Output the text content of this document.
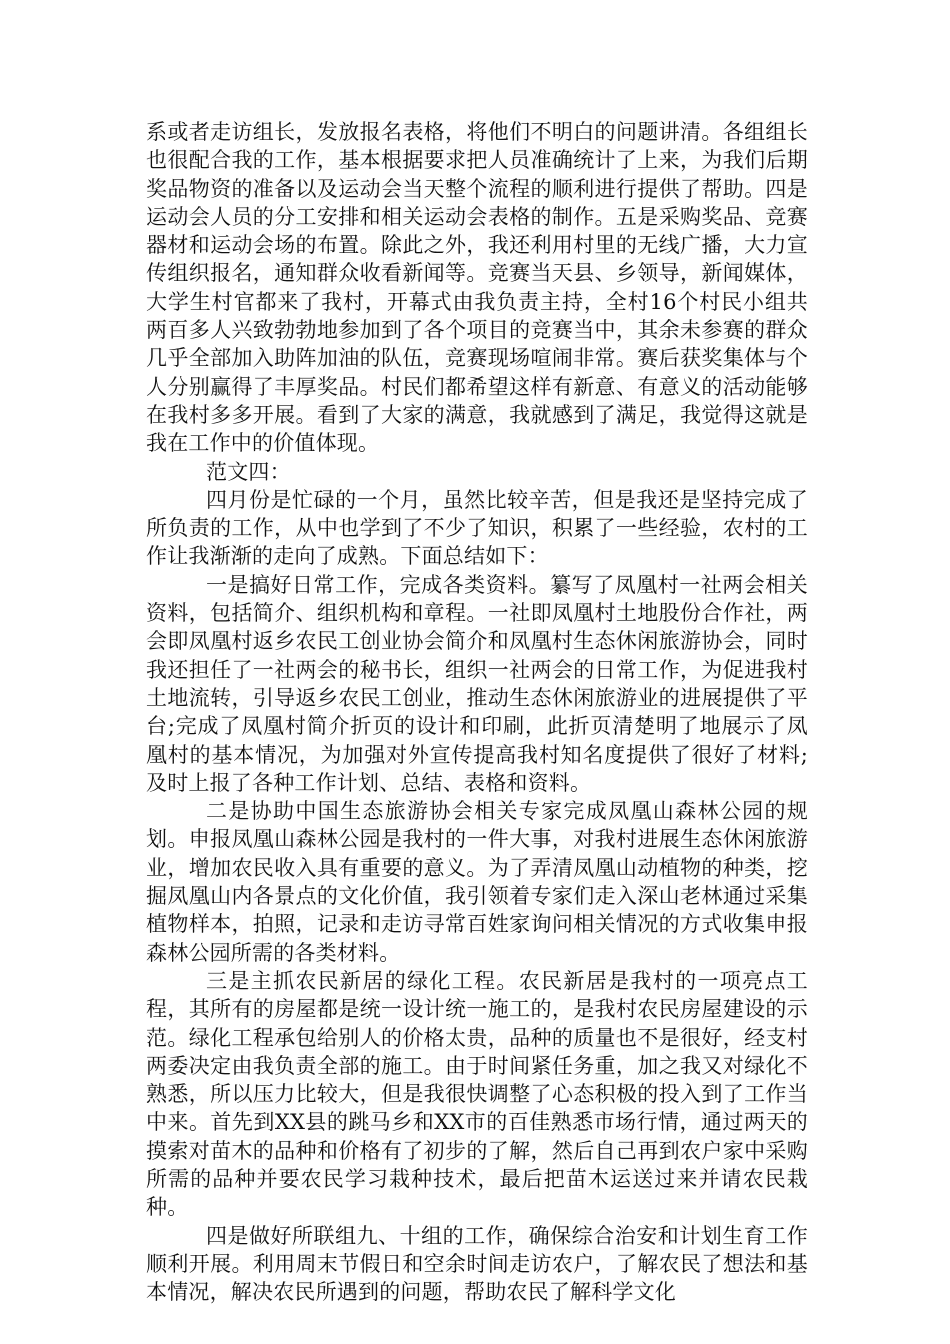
系或者走访组长，发放报名表格，将他们不明白的问题讲清。各组组长也很配合我的工作，基本根据要求把人员准确统计了上来，为我们后期奖品物资的准备以及运动会当天整个流程的顺利进行提供了帮助。四是运动会人员的分工安排和相关运动会表格的制作。五是采购奖品、竞赛器材和运动会场的布置。除此之外，我还利用村里的无线广播，大力宣传组织报名，通知群众收看新闻等。竞赛当天县、乡领导，新闻媒体，大学生村官都来了我村，开幕式由我负责主持，全村16个村民小组共两百多人兴致勃勃地参加到了各个项目的竞赛当中，其余未参赛的群众几乎全部加入助阵加油的队伍，竞赛现场喧闹非常。赛后获奖集体与个人分别赢得了丰厚奖品。村民们都希望这样有新意、有意义的活动能够在我村多多开展。看到了大家的满意，我就感到了满足，我觉得这就是我在工作中的价值体现。

范文四：

四月份是忙碌的一个月，虽然比较辛苦，但是我还是坚持完成了所负责的工作，从中也学到了不少了知识，积累了一些经验，农村的工作让我渐渐的走向了成熟。下面总结如下：

一是搞好日常工作，完成各类资料。纂写了凤凰村一社两会相关资料，包括简介、组织机构和章程。一社即凤凰村土地股份合作社，两会即凤凰村返乡农民工创业协会简介和凤凰村生态休闲旅游协会，同时我还担任了一社两会的秘书长，组织一社两会的日常工作，为促进我村土地流转，引导返乡农民工创业，推动生态休闲旅游业的进展提供了平台;完成了凤凰村简介折页的设计和印刷，此折页清楚明了地展示了凤凰村的基本情况，为加强对外宣传提高我村知名度提供了很好了材料;及时上报了各种工作计划、总结、表格和资料。

二是协助中国生态旅游协会相关专家完成凤凰山森林公园的规划。申报凤凰山森林公园是我村的一件大事，对我村进展生态休闲旅游业，增加农民收入具有重要的意义。为了弄清凤凰山动植物的种类，挖掘凤凰山内各景点的文化价值，我引领着专家们走入深山老林通过采集植物样本，拍照，记录和走访寻常百姓家询问相关情况的方式收集申报森林公园所需的各类材料。

三是主抓农民新居的绿化工程。农民新居是我村的一项亮点工程，其所有的房屋都是统一设计统一施工的，是我村农民房屋建设的示范。绿化工程承包给别人的价格太贵，品种的质量也不是很好，经支村两委决定由我负责全部的施工。由于时间紧任务重，加之我又对绿化不熟悉，所以压力比较大，但是我很快调整了心态积极的投入到了工作当中来。首先到XX县的跳马乡和XX市的百佳熟悉市场行情，通过两天的摸索对苗木的品种和价格有了初步的了解，然后自己再到农户家中采购所需的品种并要农民学习栽种技术，最后把苗木运送过来并请农民栽种。

四是做好所联组九、十组的工作，确保综合治安和计划生育工作顺利开展。利用周末节假日和空余时间走访农户，了解农民了想法和基本情况，解决农民所遇到的问题，帮助农民了解科学文化
